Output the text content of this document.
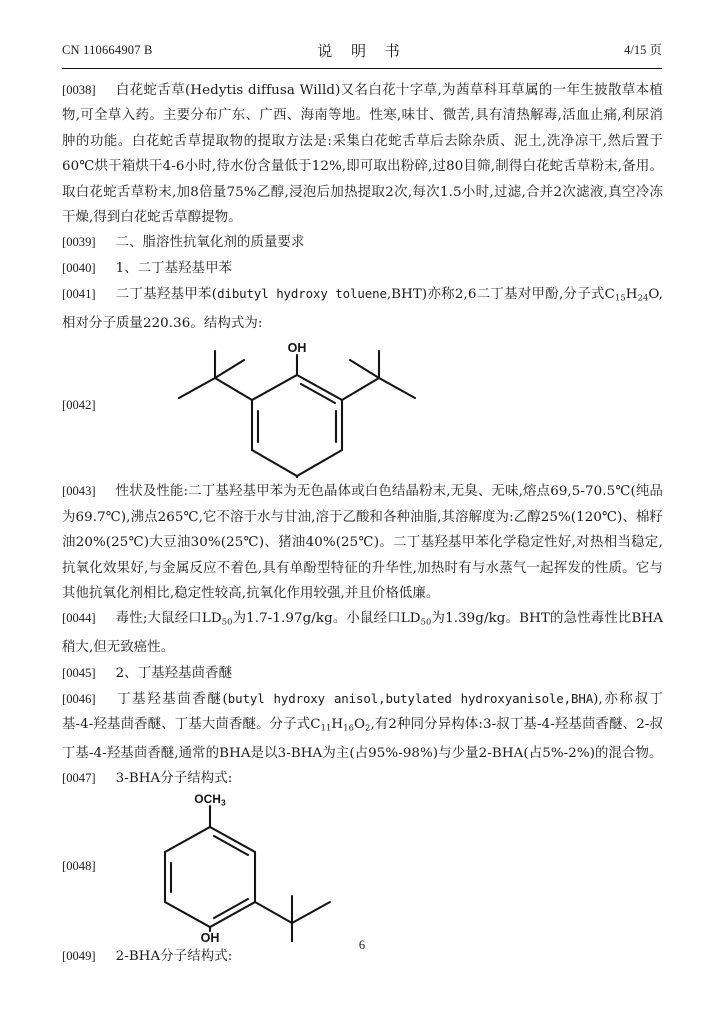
CN 110664907 B	说 明 书	4/15 页

[0038] 白花蛇舌草(Hedytis diffusa Willd)又名白花十字草,为茜草科耳草属的一年生披散草本植物,可全草入药。主要分布广东、广西、海南等地。性寒,味甘、微苦,具有清热解毒,活血止痛,利尿消肿的功能。白花蛇舌草提取物的提取方法是:采集白花蛇舌草后去除杂质、泥土,洗净凉干,然后置于60℃烘干箱烘干4-6小时,待水份含量低于12%,即可取出粉碎,过80目筛,制得白花蛇舌草粉末,备用。取白花蛇舌草粉末,加8倍量75%乙醇,浸泡后加热提取2次,每次1.5小时,过滤,合并2次滤液,真空冷冻干燥,得到白花蛇舌草醇提物。

[0039] 二、脂溶性抗氧化剂的质量要求

[0040] 1、二丁基羟基甲苯

[0041] 二丁基羟基甲苯(dibutyl hydroxy toluene,BHT)亦称2,6二丁基对甲酚,分子式$C_{15}H_{24}O$,相对分子质量220.36。结构式为:

[0042]
OH

[0043] 性状及性能:二丁基羟基甲苯为无色晶体或白色结晶粉末,无臭、无味,熔点69,5-70.5℃(纯品为69.7℃),沸点265℃,它不溶于水与甘油,溶于乙酸和各种油脂,其溶解度为:乙醇25%(120℃)、棉籽油20%(25℃)大豆油30%(25℃)、猪油40%(25℃)。二丁基羟基甲苯化学稳定性好,对热相当稳定,抗氧化效果好,与金属反应不着色,具有单酚型特征的升华性,加热时有与水蒸气一起挥发的性质。它与其他抗氧化剂相比,稳定性较高,抗氧化作用较强,并且价格低廉。

[0044] 毒性;大鼠经口$LD_{50}$为1.7-1.97g/kg。小鼠经口$LD_{50}$为1.39g/kg。BHT的急性毒性比BHA稍大,但无致癌性。

[0045] 2、丁基羟基茴香醚

[0046] 丁基羟基茴香醚(butyl hydroxy anisol,butylated hydroxyanisole,BHA),亦称叔丁基-4-羟基茴香醚、丁基大茴香醚。分子式$C_{11}H_{16}O_2$,有2种同分异构体:3-叔丁基-4-羟基茴香醚、2-叔丁基-4-羟基茴香醚,通常的BHA是以3-BHA为主(占95%-98%)与少量2-BHA(占5%-2%)的混合物。

[0047] 3-BHA分子结构式:

[0048]
$OCH_3$
OH

[0049] 2-BHA分子结构式:

6
